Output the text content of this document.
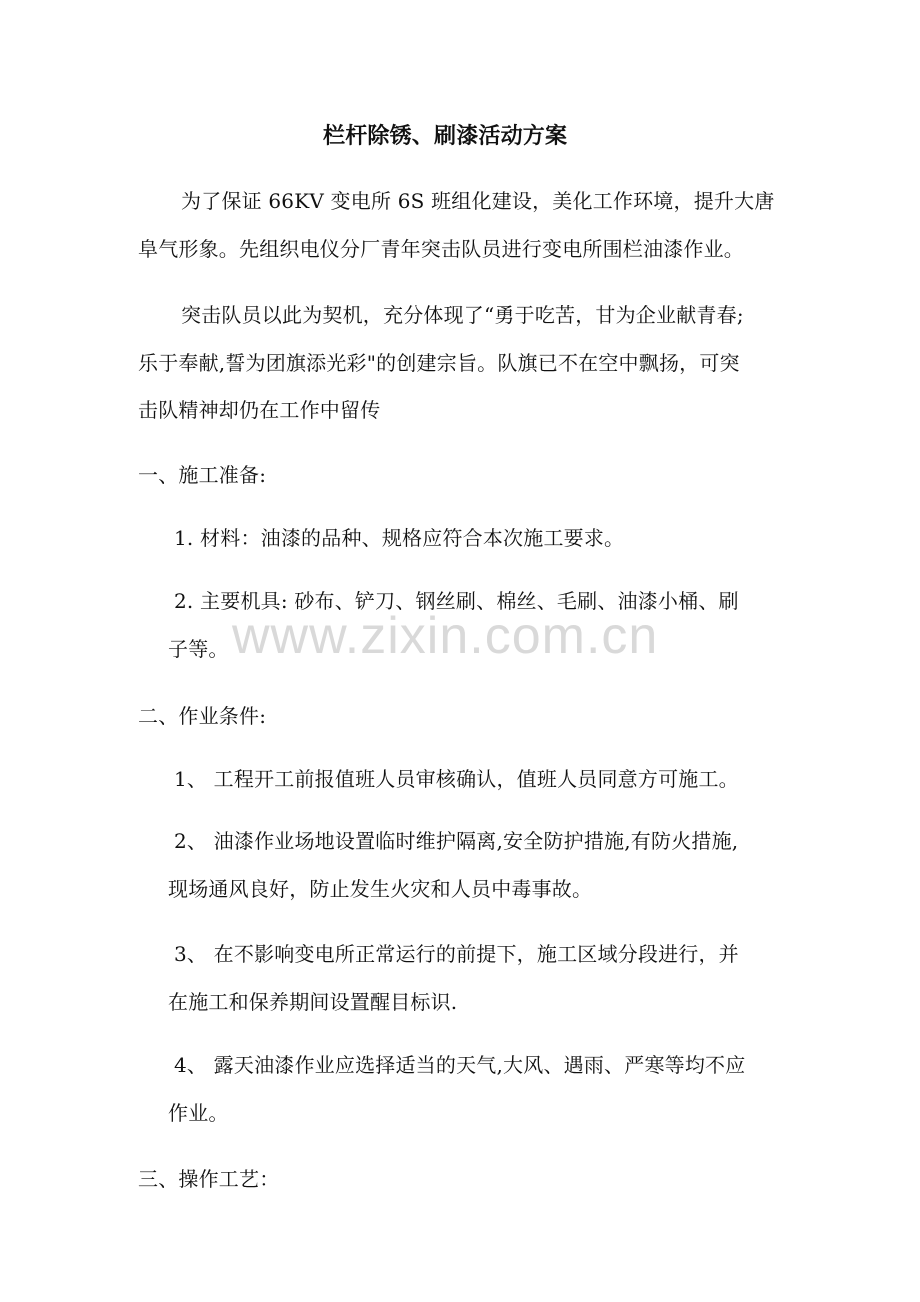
栏杆除锈、刷漆活动方案
为了保证 66KV 变电所 6S 班组化建设，美化工作环境，提升大唐
阜气形象。先组织电仪分厂青年突击队员进行变电所围栏油漆作业。
突击队员以此为契机，充分体现了“勇于吃苦，甘为企业献青春;
乐于奉献,誓为团旗添光彩"的创建宗旨。队旗已不在空中飘扬，可突
击队精神却仍在工作中留传
一、施工准备:
1. 材料：油漆的品种、规格应符合本次施工要求。
2. 主要机具: 砂布、铲刀、钢丝刷、棉丝、毛刷、油漆小桶、刷
子等。
二、作业条件:
1、 工程开工前报值班人员审核确认，值班人员同意方可施工。
2、 油漆作业场地设置临时维护隔离,安全防护措施,有防火措施,
现场通风良好，防止发生火灾和人员中毒事故。
3、 在不影响变电所正常运行的前提下，施工区域分段进行，并
在施工和保养期间设置醒目标识.
4、 露天油漆作业应选择适当的天气,大风、遇雨、严寒等均不应
作业。
三、操作工艺：
www.zixin.com.cn
